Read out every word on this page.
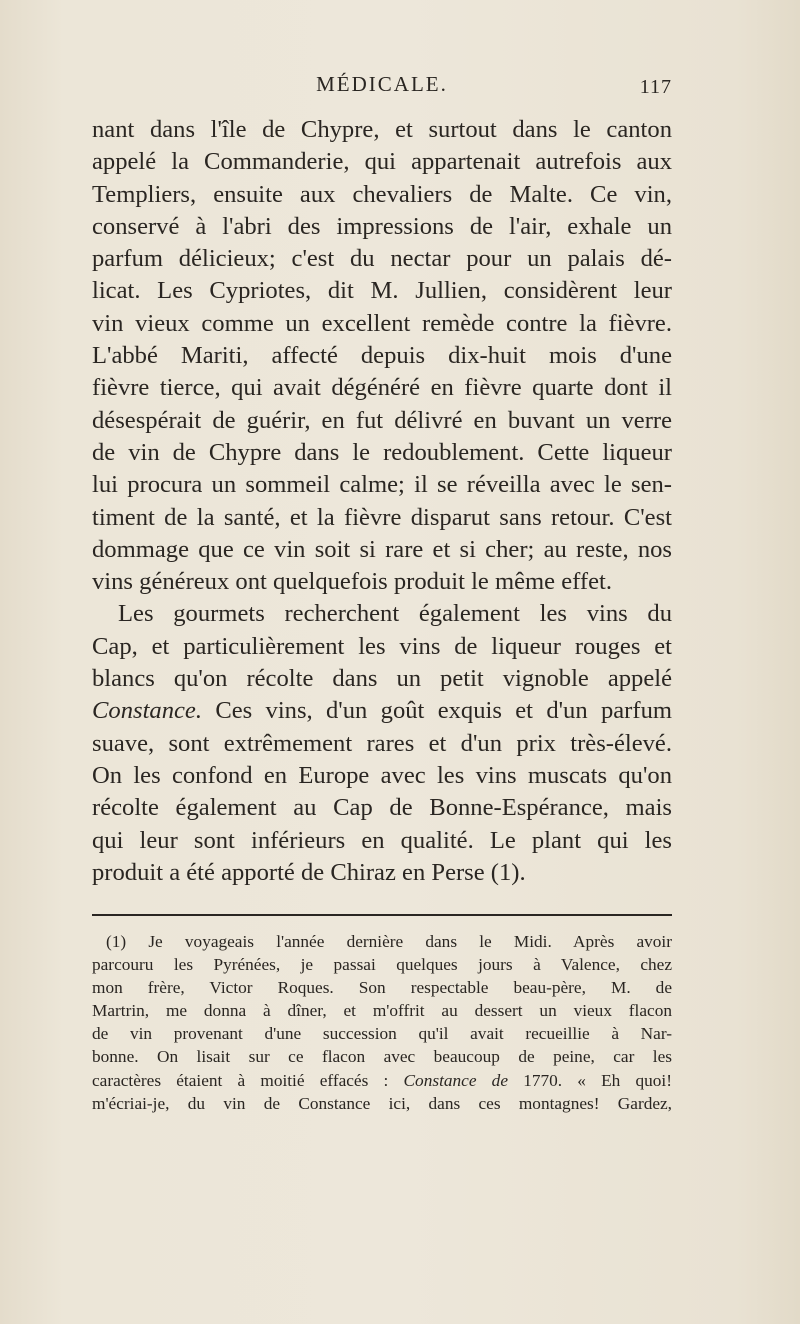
MÉDICALE.	117
nant dans l'île de Chypre, et surtout dans le canton
appelé la Commanderie, qui appartenait autrefois aux
Templiers, ensuite aux chevaliers de Malte. Ce vin,
conservé à l'abri des impressions de l'air, exhale un
parfum délicieux; c'est du nectar pour un palais dé-
licat. Les Cypriotes, dit M. Jullien, considèrent leur
vin vieux comme un excellent remède contre la fièvre.
L'abbé Mariti, affecté depuis dix-huit mois d'une
fièvre tierce, qui avait dégénéré en fièvre quarte dont il
désespérait de guérir, en fut délivré en buvant un verre
de vin de Chypre dans le redoublement. Cette liqueur
lui procura un sommeil calme; il se réveilla avec le sen-
timent de la santé, et la fièvre disparut sans retour. C'est
dommage que ce vin soit si rare et si cher; au reste, nos
vins généreux ont quelquefois produit le même effet.
Les gourmets recherchent également les vins du
Cap, et particulièrement les vins de liqueur rouges et
blancs qu'on récolte dans un petit vignoble appelé
Constance. Ces vins, d'un goût exquis et d'un parfum
suave, sont extrêmement rares et d'un prix très-élevé.
On les confond en Europe avec les vins muscats qu'on
récolte également au Cap de Bonne-Espérance, mais
qui leur sont inférieurs en qualité. Le plant qui les
produit a été apporté de Chiraz en Perse (1).
(1) Je voyageais l'année dernière dans le Midi. Après avoir
parcouru les Pyrénées, je passai quelques jours à Valence, chez
mon frère, Victor Roques. Son respectable beau-père, M. de
Martrin, me donna à dîner, et m'offrit au dessert un vieux flacon
de vin provenant d'une succession qu'il avait recueillie à Nar-
bonne. On lisait sur ce flacon avec beaucoup de peine, car les
caractères étaient à moitié effacés : Constance de 1770. « Eh quoi!
m'écriai-je, du vin de Constance ici, dans ces montagnes! Gardez,
